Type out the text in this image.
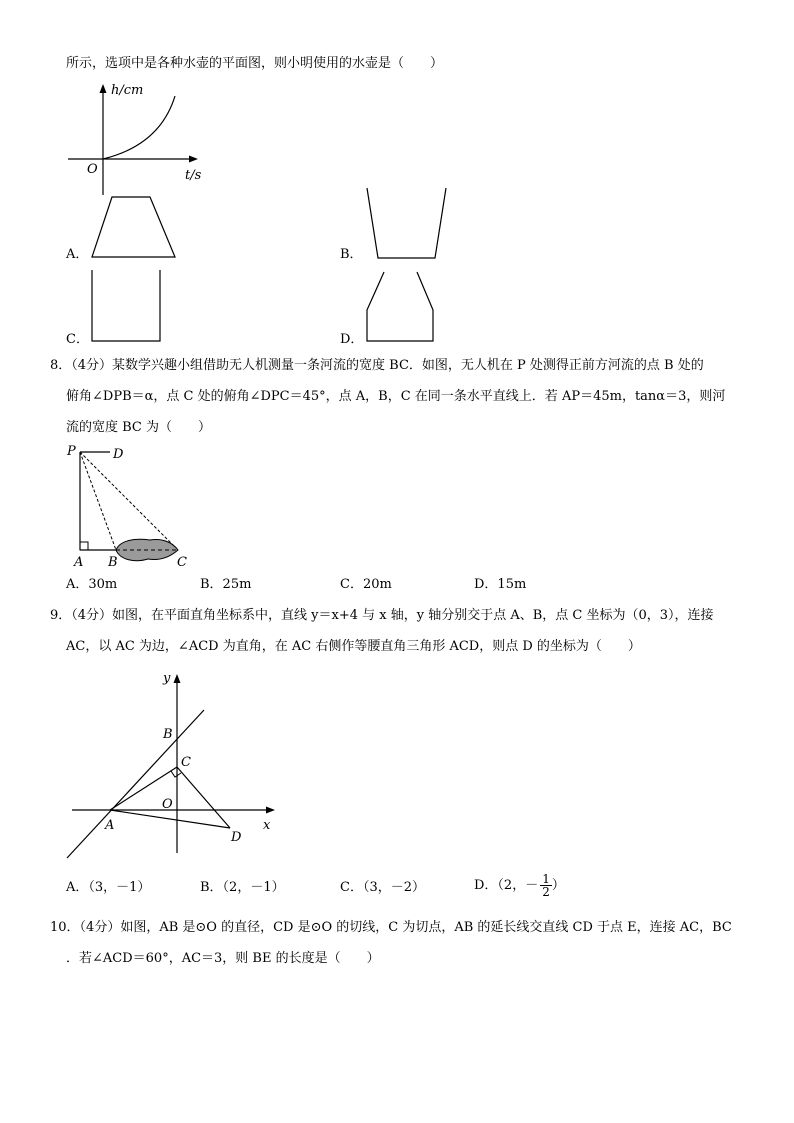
所示，选项中是各种水壶的平面图，则小明使用的水壶是（　　）
h/cm
t/s
O
A．	B．
C．	D．
8．（4分）某数学兴趣小组借助无人机测量一条河流的宽度 BC．如图，无人机在 P 处测得正前方河流的点 B 处的
俯角∠DPB＝α，点 C 处的俯角∠DPC＝45°，点 A，B，C 在同一条水平直线上．若 AP＝45m，tanα＝3，则河
流的宽度 BC 为（　　）
P	D
A B	C
A．30m	B．25m	C．20m	D．15m
9．（4分）如图，在平面直角坐标系中，直线 y＝x+4 与 x 轴，y 轴分别交于点 A、B，点 C 坐标为（0，3），连接
AC，以 AC 为边，∠ACD 为直角，在 AC 右侧作等腰直角三角形 ACD，则点 D 的坐标为（　　）
y
x
B
C
O
A
D
A．（3，－1）	B．（2，－1）	C．（3，－2）	D．（2，－ $\frac{1}{2}$ ）
10．（4分）如图，AB 是⊙O 的直径，CD 是⊙O 的切线，C 为切点，AB 的延长线交直线 CD 于点 E，连接 AC，BC
．若∠ACD＝60°，AC＝3，则 BE 的长度是（　　）
